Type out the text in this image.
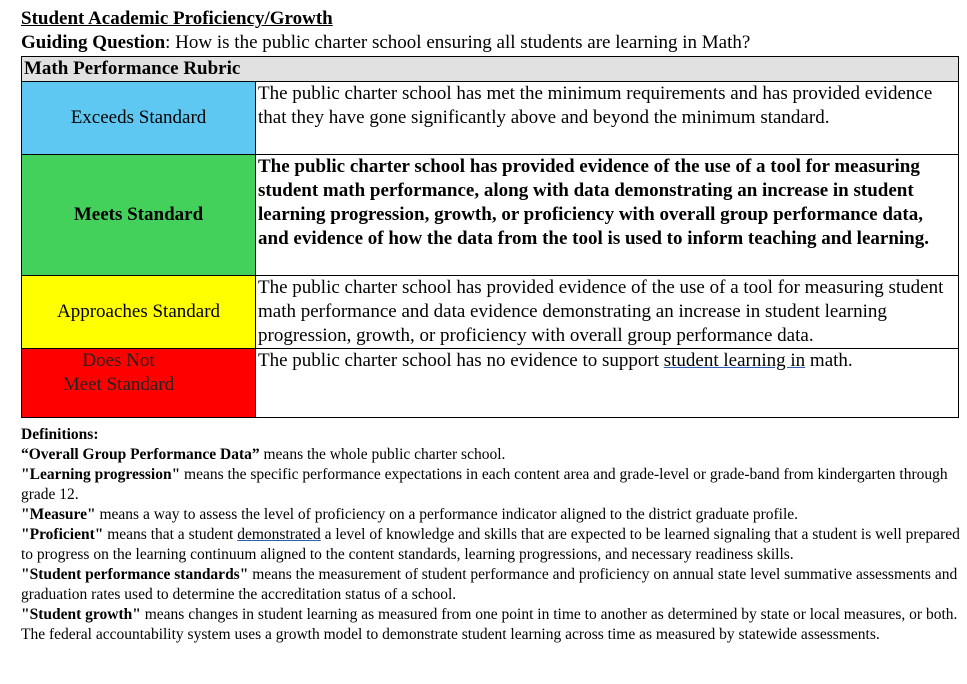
Student Academic Proficiency/Growth
Guiding Question: How is the public charter school ensuring all students are learning in Math?
Math Performance Rubric	
Exceeds Standard	The public charter school has met the minimum requirements and has provided evidence that they have gone significantly above and beyond the minimum standard.
Meets Standard	The public charter school has provided evidence of the use of a tool for measuring student math performance, along with data demonstrating an increase in student learning progression, growth, or proficiency with overall group performance data, and evidence of how the data from the tool is used to inform teaching and learning.
Approaches Standard	The public charter school has provided evidence of the use of a tool for measuring student math performance and data evidence demonstrating an increase in student learning progression, growth, or proficiency with overall group performance data.

Does Not
Meet Standard	The public charter school has no evidence to support student learning in math.

Definitions:

“Overall Group Performance Data” means the whole public charter school.

"Learning progression" means the specific performance expectations in each content area and grade-level or grade-band from kindergarten through grade 12.

"Measure" means a way to assess the level of proficiency on a performance indicator aligned to the district graduate profile.

"Proficient" means that a student demonstrated a level of knowledge and skills that are expected to be learned signaling that a student is well prepared to progress on the learning continuum aligned to the content standards, learning progressions, and necessary readiness skills.

"Student performance standards" means the measurement of student performance and proficiency on annual state level summative assessments and graduation rates used to determine the accreditation status of a school.

"Student growth" means changes in student learning as measured from one point in time to another as determined by state or local measures, or both. The federal accountability system uses a growth model to demonstrate student learning across time as measured by statewide assessments.
